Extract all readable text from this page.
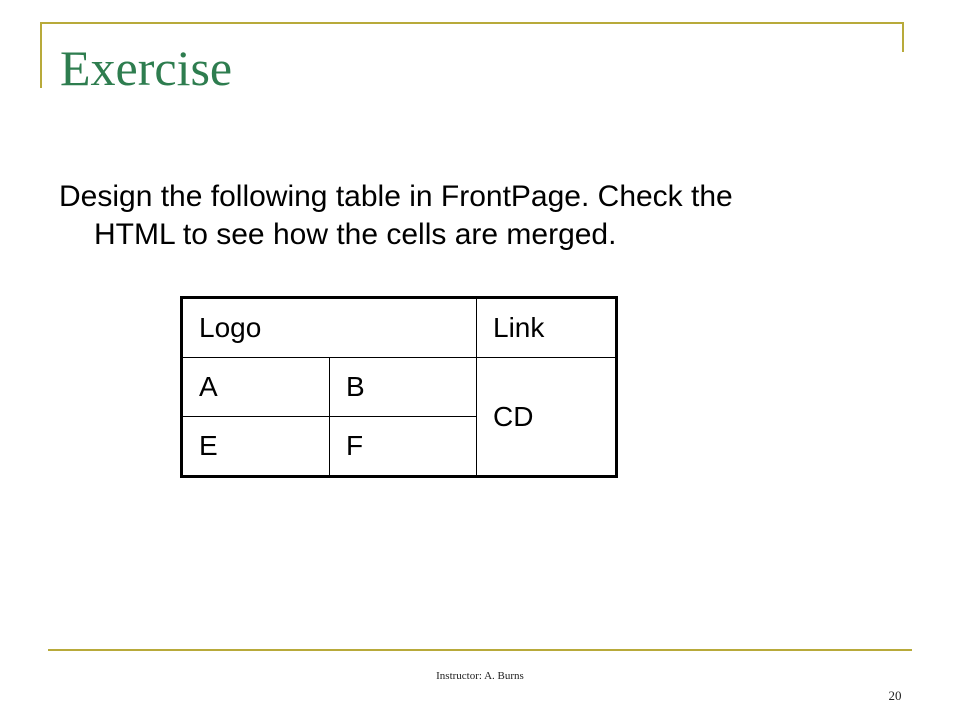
Exercise
Design the following table in FrontPage. Check the
HTML to see how the cells are merged.
Logo		Link
A	B	CD
E	F	
Instructor: A. Burns
20
